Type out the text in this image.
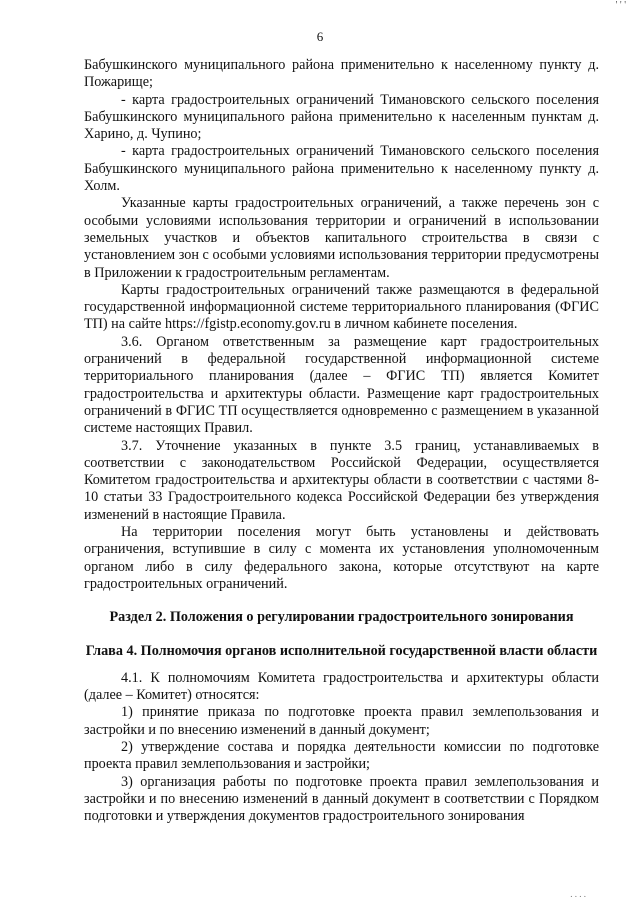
' ' '
6

Бабушкинского муниципального района применительно к населенному пункту д. Пожарище;

- карта градостроительных ограничений Тимановского сельского поселения Бабушкинского муниципального района применительно к населенным пунктам д. Харино, д. Чупино;

- карта градостроительных ограничений Тимановского сельского поселения Бабушкинского муниципального района применительно к населенному пункту д. Холм.

Указанные карты градостроительных ограничений, а также перечень зон с особыми условиями использования территории и ограничений в использовании земельных участков и объектов капитального строительства в связи с установлением зон с особыми условиями использования территории предусмотрены в Приложении к градостроительным регламентам.

Карты градостроительных ограничений также размещаются в федеральной государственной информационной системе территориального планирования (ФГИС ТП) на сайте https://fgistp.economy.gov.ru в личном кабинете поселения.

3.6. Органом ответственным за размещение карт градостроительных ограничений в федеральной государственной информационной системе территориального планирования (далее – ФГИС ТП) является Комитет градостроительства и архитектуры области. Размещение карт градостроительных ограничений в ФГИС ТП осуществляется одновременно с размещением в указанной системе настоящих Правил.

3.7. Уточнение указанных в пункте 3.5 границ, устанавливаемых в соответствии с законодательством Российской Федерации, осуществляется Комитетом градостроительства и архитектуры области в соответствии с частями 8-10 статьи 33 Градостроительного кодекса Российской Федерации без утверждения изменений в настоящие Правила.

На территории поселения могут быть установлены и действовать ограничения, вступившие в силу с момента их установления уполномоченным органом либо в силу федерального закона, которые отсутствуют на карте градостроительных ограничений.

Раздел 2. Положения о регулировании градостроительного зонирования

Глава 4. Полномочия органов исполнительной государственной власти области

4.1. К полномочиям Комитета градостроительства и архитектуры области (далее – Комитет) относятся:

1) принятие приказа по подготовке проекта правил землепользования и застройки и по внесению изменений в данный документ;

2) утверждение состава и порядка деятельности комиссии по подготовке проекта правил землепользования и застройки;

3) организация работы по подготовке проекта правил землепользования и застройки и по внесению изменений в данный документ в соответствии с Порядком подготовки и утверждения документов градостроительного зонирования

. . . .
